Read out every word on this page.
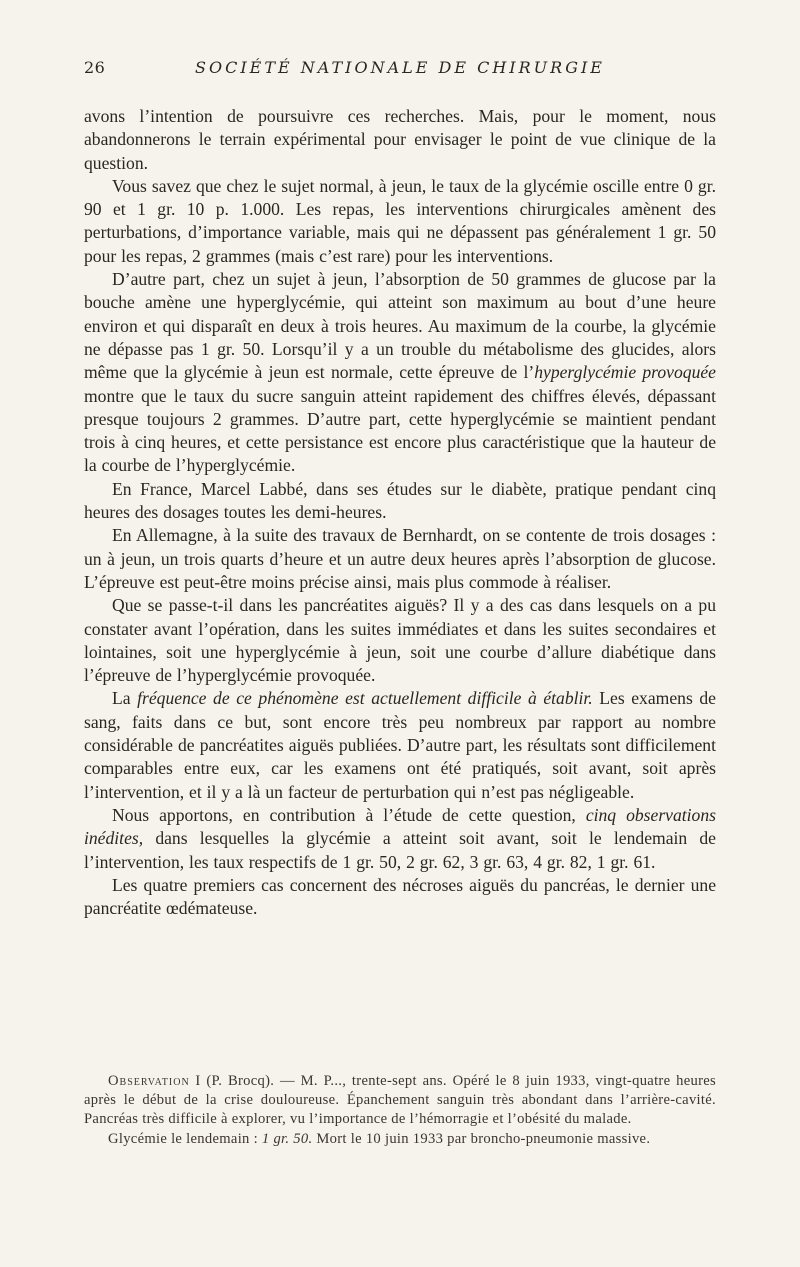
26	SOCIÉTÉ NATIONALE DE CHIRURGIE

avons l’intention de poursuivre ces recherches. Mais, pour le moment, nous abandonnerons le terrain expérimental pour envisager le point de vue clinique de la question.

Vous savez que chez le sujet normal, à jeun, le taux de la glycémie oscille entre 0 gr. 90 et 1 gr. 10 p. 1.000. Les repas, les interventions chirurgicales amènent des perturbations, d’importance variable, mais qui ne dépassent pas généralement 1 gr. 50 pour les repas, 2 grammes (mais c’est rare) pour les interventions.

D’autre part, chez un sujet à jeun, l’absorption de 50 grammes de glucose par la bouche amène une hyperglycémie, qui atteint son maximum au bout d’une heure environ et qui disparaît en deux à trois heures. Au maximum de la courbe, la glycémie ne dépasse pas 1 gr. 50. Lorsqu’il y a un trouble du métabolisme des glucides, alors même que la glycémie à jeun est normale, cette épreuve de l’hyperglycémie provoquée montre que le taux du sucre sanguin atteint rapidement des chiffres élevés, dépassant presque toujours 2 grammes. D’autre part, cette hyperglycémie se maintient pendant trois à cinq heures, et cette persistance est encore plus caractéristique que la hauteur de la courbe de l’hyperglycémie.

En France, Marcel Labbé, dans ses études sur le diabète, pratique pendant cinq heures des dosages toutes les demi-heures.

En Allemagne, à la suite des travaux de Bernhardt, on se contente de trois dosages : un à jeun, un trois quarts d’heure et un autre deux heures après l’absorption de glucose. L’épreuve est peut-être moins précise ainsi, mais plus commode à réaliser.

Que se passe-t-il dans les pancréatites aiguës? Il y a des cas dans lesquels on a pu constater avant l’opération, dans les suites immédiates et dans les suites secondaires et lointaines, soit une hyperglycémie à jeun, soit une courbe d’allure diabétique dans l’épreuve de l’hyperglycémie provoquée.

La fréquence de ce phénomène est actuellement difficile à établir. Les examens de sang, faits dans ce but, sont encore très peu nombreux par rapport au nombre considérable de pancréatites aiguës publiées. D’autre part, les résultats sont difficilement comparables entre eux, car les examens ont été pratiqués, soit avant, soit après l’intervention, et il y a là un facteur de perturbation qui n’est pas négligeable.

Nous apportons, en contribution à l’étude de cette question, cinq observations inédites, dans lesquelles la glycémie a atteint soit avant, soit le lendemain de l’intervention, les taux respectifs de 1 gr. 50, 2 gr. 62, 3 gr. 63, 4 gr. 82, 1 gr. 61.

Les quatre premiers cas concernent des nécroses aiguës du pancréas, le dernier une pancréatite œdémateuse.

Observation I (P. Brocq). — M. P..., trente-sept ans. Opéré le 8 juin 1933, vingt-quatre heures après le début de la crise douloureuse. Épanchement sanguin très abondant dans l’arrière-cavité. Pancréas très difficile à explorer, vu l’importance de l’hémorragie et l’obésité du malade.

Glycémie le lendemain : 1 gr. 50. Mort le 10 juin 1933 par broncho-pneumonie massive.
